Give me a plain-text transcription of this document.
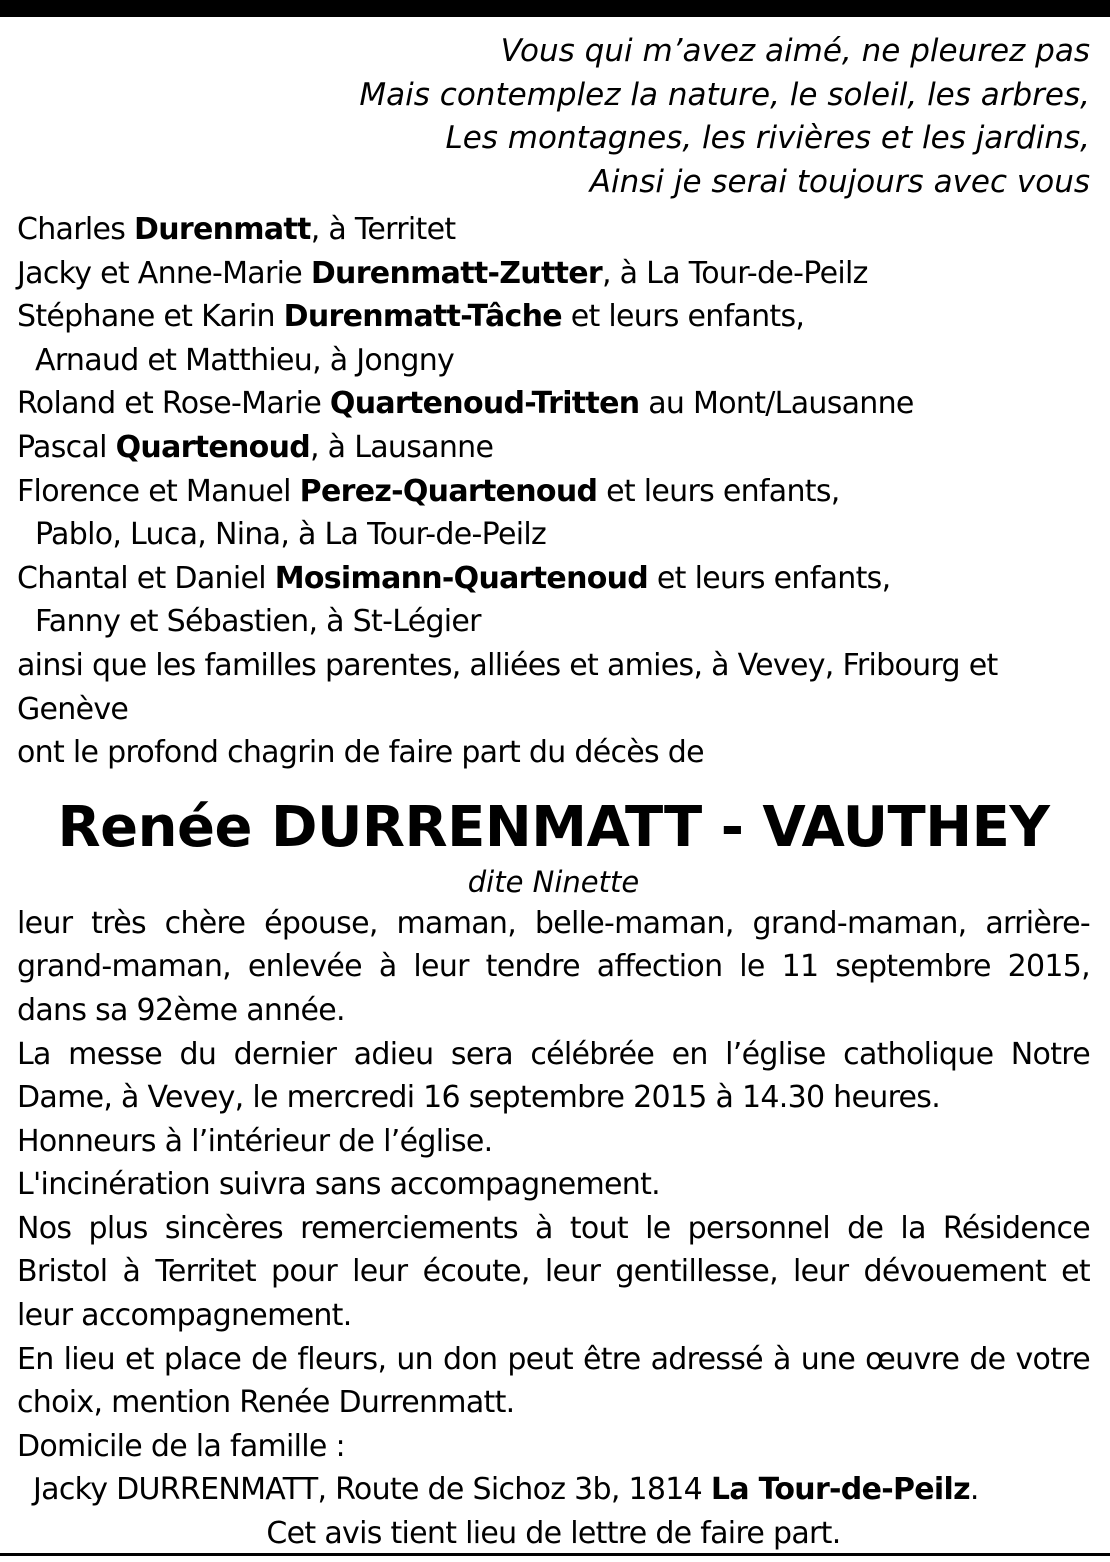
Vous qui m’avez aimé, ne pleurez pas
Mais contemplez la nature, le soleil, les arbres,
Les montagnes, les rivières et les jardins,
Ainsi je serai toujours avec vous
Charles Durenmatt, à Territet
Jacky et Anne-Marie Durenmatt-Zutter, à La Tour-de-Peilz
Stéphane et Karin Durenmatt-Tâche et leurs enfants,
Arnaud et Matthieu, à Jongny
Roland et Rose-Marie Quartenoud-Tritten au Mont/Lausanne
Pascal Quartenoud, à Lausanne
Florence et Manuel Perez-Quartenoud et leurs enfants,
Pablo, Luca, Nina, à La Tour-de-Peilz
Chantal et Daniel Mosimann-Quartenoud et leurs enfants,
Fanny et Sébastien, à St-Légier
ainsi que les familles parentes, alliées et amies, à Vevey, Fribourg et Genève
ont le profond chagrin de faire part du décès de
Renée DURRENMATT - VAUTHEY
dite Ninette

leur très chère épouse, maman, belle-maman, grand-maman, arrière-grand-maman, enlevée à leur tendre affection le 11 septembre 2015, dans sa 92ème année.

La messe du dernier adieu sera célébrée en l’église catholique Notre Dame, à Vevey, le mercredi 16 septembre 2015 à 14.30 heures.

Honneurs à l’intérieur de l’église.

L'incinération suivra sans accompagnement.

Nos plus sincères remerciements à tout le personnel de la Résidence Bristol à Territet pour leur écoute, leur gentillesse, leur dévouement et leur accompagnement.

En lieu et place de fleurs, un don peut être adressé à une œuvre de votre choix, mention Renée Durrenmatt.

Domicile de la famille :

Jacky DURRENMATT, Route de Sichoz 3b, 1814 La Tour-de-Peilz.

Cet avis tient lieu de lettre de faire part.
